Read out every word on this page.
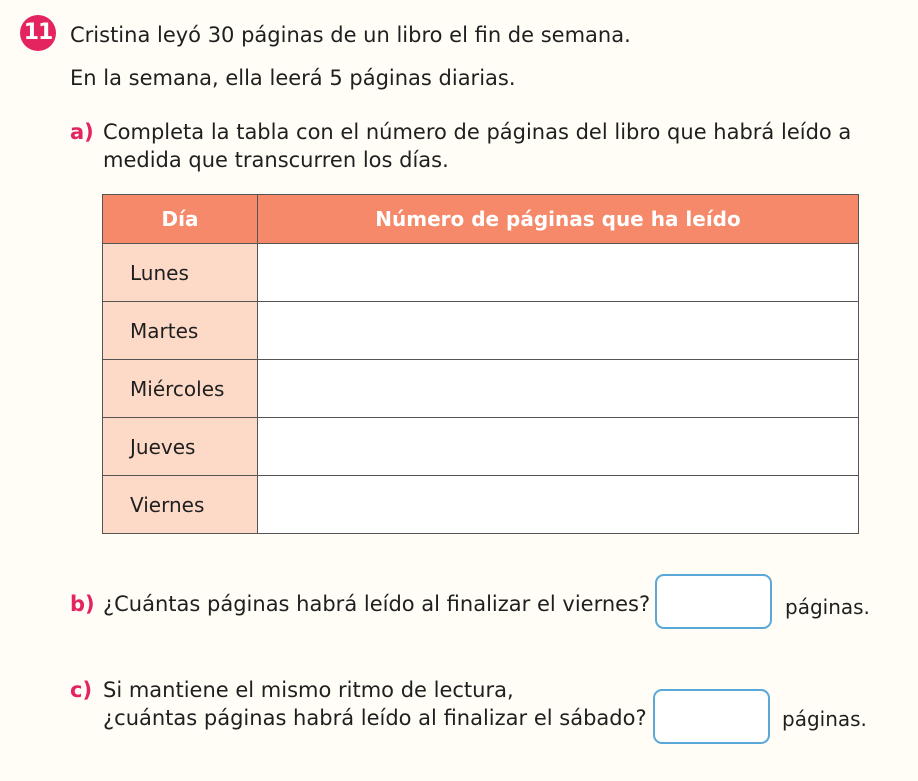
11 Cristina leyó 30 páginas de un libro el fin de semana.
En la semana, ella leerá 5 páginas diarias.
a) Completa la tabla con el número de páginas del libro que habrá leído a
medida que transcurren los días.
Día	Número de páginas que ha leído
Lunes	
Martes	
Miércoles	
Jueves	
Viernes	
b) ¿Cuántas páginas habrá leído al finalizar el viernes?	páginas.
c) Si mantiene el mismo ritmo de lectura,
¿cuántas páginas habrá leído al finalizar el sábado?	páginas.
